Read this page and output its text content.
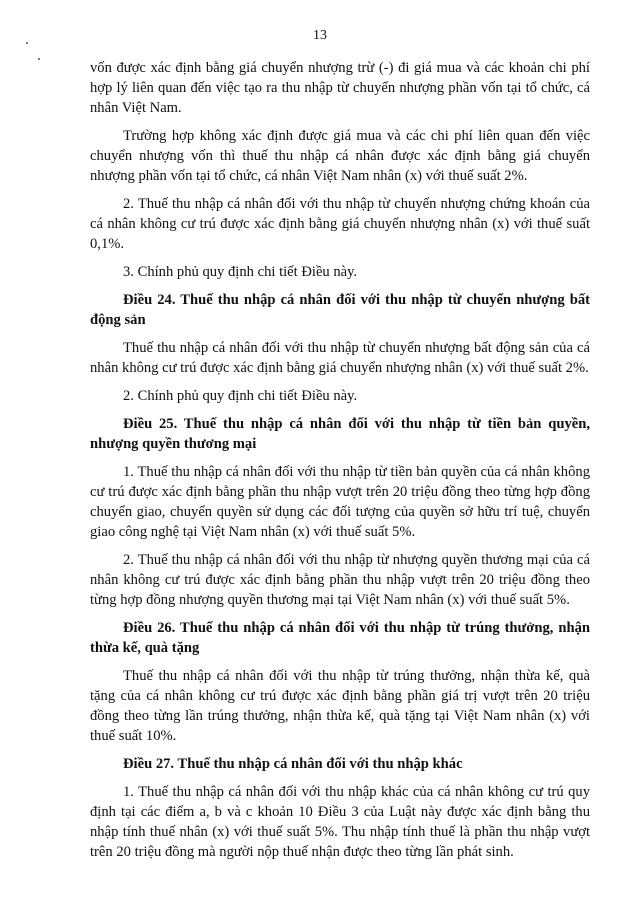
13

vốn được xác định bằng giá chuyển nhượng trừ (-) đi giá mua và các khoản chi phí hợp lý liên quan đến việc tạo ra thu nhập từ chuyển nhượng phần vốn tại tổ chức, cá nhân Việt Nam.

Trường hợp không xác định được giá mua và các chi phí liên quan đến việc chuyển nhượng vốn thì thuế thu nhập cá nhân được xác định bằng giá chuyển nhượng phần vốn tại tổ chức, cá nhân Việt Nam nhân (x) với thuế suất 2%.

2. Thuế thu nhập cá nhân đối với thu nhập từ chuyển nhượng chứng khoán của cá nhân không cư trú được xác định bằng giá chuyển nhượng nhân (x) với thuế suất 0,1%.

3. Chính phủ quy định chi tiết Điều này.

Điều 24. Thuế thu nhập cá nhân đối với thu nhập từ chuyển nhượng bất động sản

Thuế thu nhập cá nhân đối với thu nhập từ chuyển nhượng bất động sản của cá nhân không cư trú được xác định bằng giá chuyển nhượng nhân (x) với thuế suất 2%.

2. Chính phủ quy định chi tiết Điều này.

Điều 25. Thuế thu nhập cá nhân đối với thu nhập từ tiền bản quyền, nhượng quyền thương mại

1. Thuế thu nhập cá nhân đối với thu nhập từ tiền bản quyền của cá nhân không cư trú được xác định bằng phần thu nhập vượt trên 20 triệu đồng theo từng hợp đồng chuyển giao, chuyển quyền sử dụng các đối tượng của quyền sở hữu trí tuệ, chuyển giao công nghệ tại Việt Nam nhân (x) với thuế suất 5%.

2. Thuế thu nhập cá nhân đối với thu nhập từ nhượng quyền thương mại của cá nhân không cư trú được xác định bằng phần thu nhập vượt trên 20 triệu đồng theo từng hợp đồng nhượng quyền thương mại tại Việt Nam nhân (x) với thuế suất 5%.

Điều 26. Thuế thu nhập cá nhân đối với thu nhập từ trúng thưởng, nhận thừa kế, quà tặng

Thuế thu nhập cá nhân đối với thu nhập từ trúng thưởng, nhận thừa kế, quà tặng của cá nhân không cư trú được xác định bằng phần giá trị vượt trên 20 triệu đồng theo từng lần trúng thưởng, nhận thừa kế, quà tặng tại Việt Nam nhân (x) với thuế suất 10%.

Điều 27. Thuế thu nhập cá nhân đối với thu nhập khác

1. Thuế thu nhập cá nhân đối với thu nhập khác của cá nhân không cư trú quy định tại các điểm a, b và c khoản 10 Điều 3 của Luật này được xác định bằng thu nhập tính thuế nhân (x) với thuế suất 5%. Thu nhập tính thuế là phần thu nhập vượt trên 20 triệu đồng mà người nộp thuế nhận được theo từng lần phát sinh.
